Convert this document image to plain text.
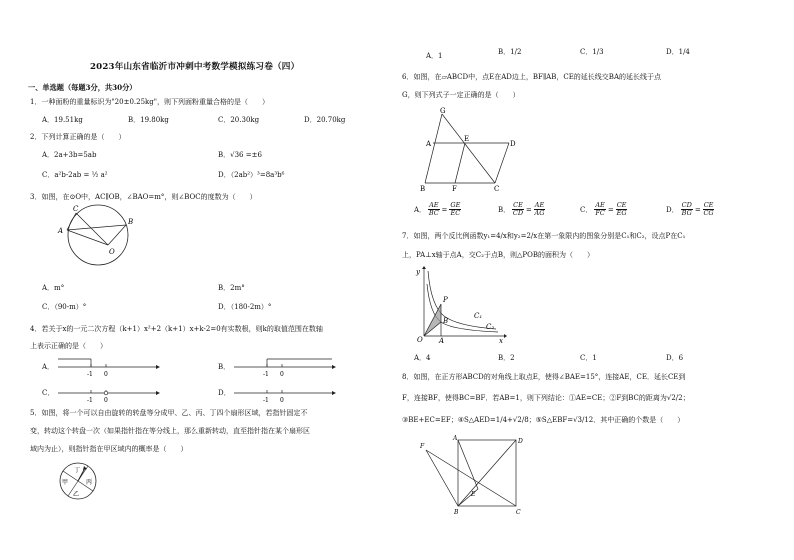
2023年山东省临沂市冲刺中考数学模拟练习卷（四）
一、单选题（每题3分，共30分）
1．一种面粉的重量标识为"20±0.25kg"，则下列面粉重量合格的是（　　）
A．19.51kg	B．19.80kg	C．20.30kg	D．20.70kg
2．下列计算正确的是（　　）
A．2a+3b=5ab	B．√36 =±6
C．a²b-2ab = ½ a²	D．（2ab²）³=8a³b⁶
3．如图，在⊙O中，AC∥OB，∠BAO=m°，则∠BOC的度数为（　　）
C
B
A
O
A．m°	B．2m°
C．（90-m）°	D．（180-2m）°
4．若关于x的一元二次方程（k+1）x²+2（k+1）x+k-2=0有实数根，则k的取值范围在数轴
上表示正确的是（　　）
A．
-1 0
B．
-1 0
C．
-1 0
D．
-1 0
5．如图，将一个可以自由旋转的转盘等分成甲、乙、丙、丁四个扇形区域，若指针固定不
变，转动这个转盘一次（如果指针指在等分线上，那么重新转动，直至指针指在某个扇形区
域内为止），则指针指在甲区域内的概率是（　　）
甲
乙
丙
丁
A．1	B．1/2	C．1/3	D．1/4
6．如图，在▱ABCD中，点E在AD边上，BF∥AB，CE的延长线交BA的延长线于点
G，则下列式子一定正确的是（　　）
G
A
E
D
B	F	C
A． $\frac{AE}{BC} = \frac{GE}{EC}$	B． $\frac{CE}{CD} = \frac{AE}{AG}$	C． $\frac{AE}{FC} = \frac{CE}{EG}$	D． $\frac{CD}{BG} = \frac{CE}{CG}$
7．如图，两个反比例函数y₁=4/x和y₂=2/x在第一象限内的图象分别是C₁和C₂，设点P在C₁
上，PA⊥x轴于点A，交C₂于点B，则△POB的面积为（　　）
y
P
B
C₁
C₂
O A	x
A．4	B．2	C．1	D．6
8．如图，在正方形ABCD的对角线上取点E，使得∠BAE=15°，连接AE，CE．延长CE到
F，连接BF，使得BC=BF．若AB=1，则下列结论：①AE=CE；②F到BC的距离为√2/2；
③BE+EC=EF；④S△AED=1/4+√2/8；⑤S△EBF=√3/12．其中正确的个数是（　　）
A	D
F
E
B	C
